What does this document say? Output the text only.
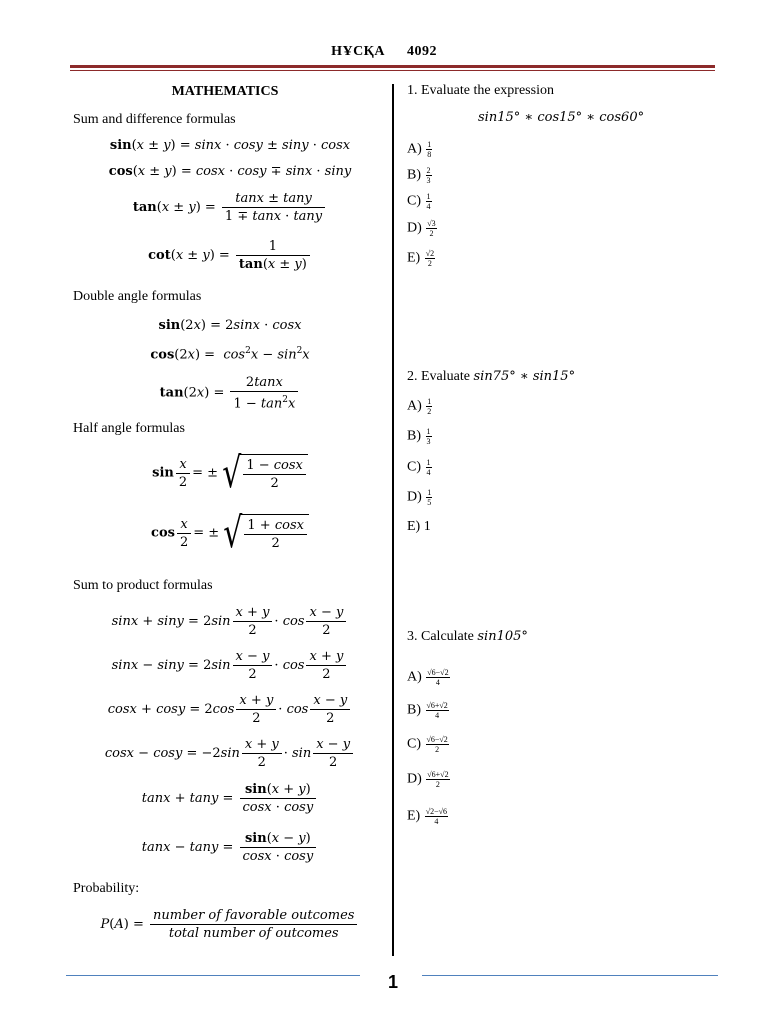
НҰСҚА 4092
MATHEMATICS
Sum and difference formulas
sin(x ± y) = sinx · cosy ± siny · cosx
cos(x ± y) = cosx · cosy ∓ sinx · siny
$\tan(x \pm y) = \frac{\tan x \pm \tan y}{1 \mp \tan x \cdot \tan y}$
$\cot(x \pm y) = \frac{1}{\tan(x \pm y)}$
Double angle formulas
sin(2x) = 2sinx · cosx
$\cos(2x) = \cos^2x - \sin^2x$
$\tan(2x) = \frac{2\tan x}{1 - \tan^2x}$
Half angle formulas
$\sin \frac{x}{2}$ = ± √ $\frac{1 - \cos x}{2}$
$\cos \frac{x}{2}$ = ± √ $\frac{1 + \cos x}{2}$
Sum to product formulas
$\sin x + \sin y = 2\sin \frac{x + y}{2} \cdot \cos \frac{x - y}{2}$
$\sin x - \sin y = 2\sin \frac{x - y}{2} \cdot \cos \frac{x + y}{2}$
$\cos x + \cos y = 2\cos \frac{x + y}{2} \cdot \cos \frac{x - y}{2}$
$\cos x - \cos y = -2\sin \frac{x + y}{2} \cdot \sin \frac{x - y}{2}$
$\tan x + \tan y = \frac{\sin(x + y)}{\cos x \cdot \cos y}$
$\tan x - \tan y = \frac{\sin(x - y)}{\cos x \cdot \cos y}$
Probability:
$P(A) = \frac{\text{number of favorable outcomes}}{\text{total number of outcomes}}$
1. Evaluate the expression
sin15° ∗ cos15° ∗ cos60°
$A) \frac{1}{8}$
$B) \frac{2}{3}$
$C) \frac{1}{4}$
$D) \frac{√3}{2}$
$E) \frac{√2}{2}$
2. Evaluate sin75° ∗ sin15°
$A) \frac{1}{2}$
$B) \frac{1}{3}$
$C) \frac{1}{4}$
$D) \frac{1}{5}$
E) 1
3. Calculate sin105°
$A) \frac{√6-√2}{4}$
$B) \frac{√6+√2}{4}$
$C) \frac{√6-√2}{2}$
$D) \frac{√6+√2}{2}$
$E) \frac{√2-√6}{4}$
1
